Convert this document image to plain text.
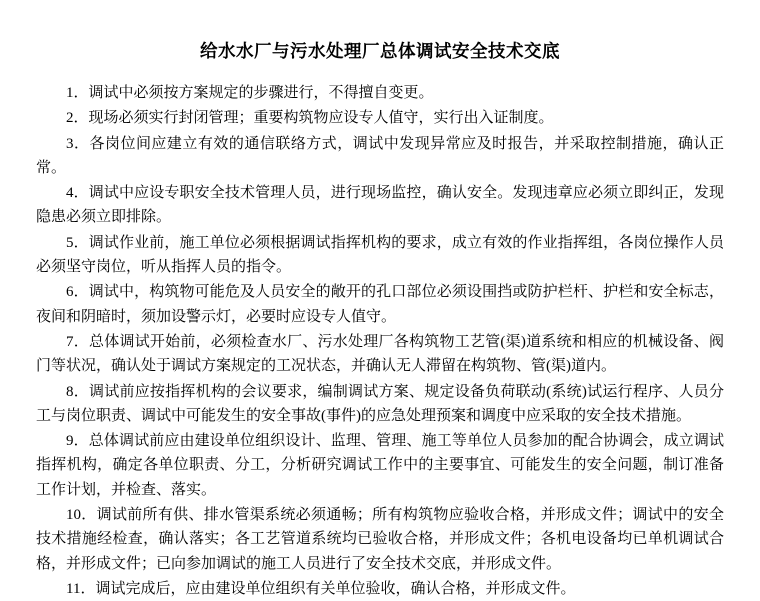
给水水厂与污水处理厂总体调试安全技术交底

1．调试中必须按方案规定的步骤进行，不得擅自变更。

2．现场必须实行封闭管理；重要构筑物应设专人值守，实行出入证制度。

3．各岗位间应建立有效的通信联络方式，调试中发现异常应及时报告，并采取控制措施，确认正常。

4．调试中应设专职安全技术管理人员，进行现场监控，确认安全。发现违章应必须立即纠正，发现隐患必须立即排除。

5．调试作业前，施工单位必须根据调试指挥机构的要求，成立有效的作业指挥组，各岗位操作人员必须坚守岗位，听从指挥人员的指令。

6．调试中，构筑物可能危及人员安全的敞开的孔口部位必须设围挡或防护栏杆、护栏和安全标志，夜间和阴暗时，须加设警示灯，必要时应设专人值守。

7．总体调试开始前，必须检查水厂、污水处理厂各构筑物工艺管(渠)道系统和相应的机械设备、阀门等状况，确认处于调试方案规定的工况状态，并确认无人滞留在构筑物、管(渠)道内。

8．调试前应按指挥机构的会议要求，编制调试方案、规定设备负荷联动(系统)试运行程序、人员分工与岗位职责、调试中可能发生的安全事故(事件)的应急处理预案和调度中应采取的安全技术措施。

9．总体调试前应由建设单位组织设计、监理、管理、施工等单位人员参加的配合协调会，成立调试指挥机构，确定各单位职责、分工，分析研究调试工作中的主要事宜、可能发生的安全问题，制订准备工作计划，并检查、落实。

10．调试前所有供、排水管渠系统必须通畅；所有构筑物应验收合格，并形成文件；调试中的安全技术措施经检查，确认落实；各工艺管道系统均已验收合格，并形成文件；各机电设备均已单机调试合格，并形成文件；已向参加调试的施工人员进行了安全技术交底，并形成文件。

11．调试完成后，应由建设单位组织有关单位验收，确认合格，并形成文件。
